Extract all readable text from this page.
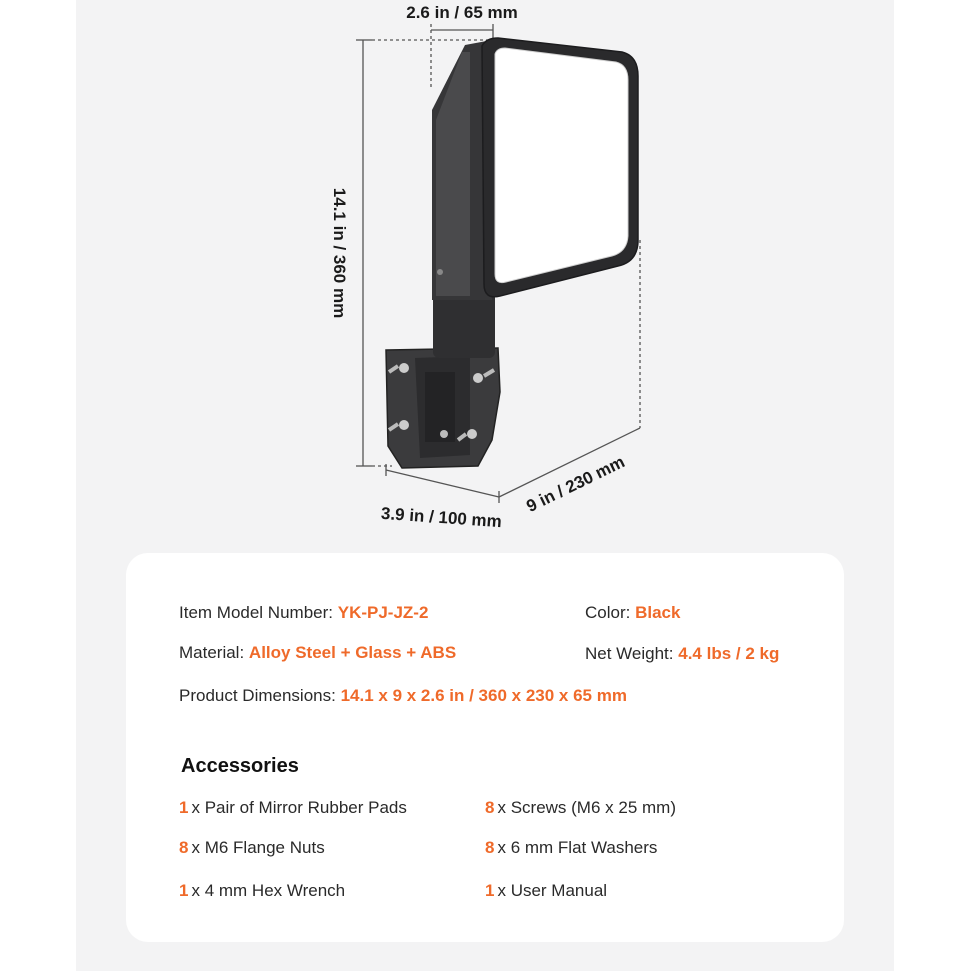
2.6 in / 65 mm
14.1 in / 360 mm
3.9 in / 100 mm
9 in / 230 mm
Item Model Number: YK-PJ-JZ-2	Color: Black
Material: Alloy Steel + Glass + ABS	Net Weight: 4.4 lbs / 2 kg
Product Dimensions: 14.1 x 9 x 2.6 in / 360 x 230 x 65 mm
Accessories
1 x Pair of Mirror Rubber Pads	8 x Screws (M6 x 25 mm)
8 x M6 Flange Nuts	8 x 6 mm Flat Washers
1 x 4 mm Hex Wrench	1 x User Manual
